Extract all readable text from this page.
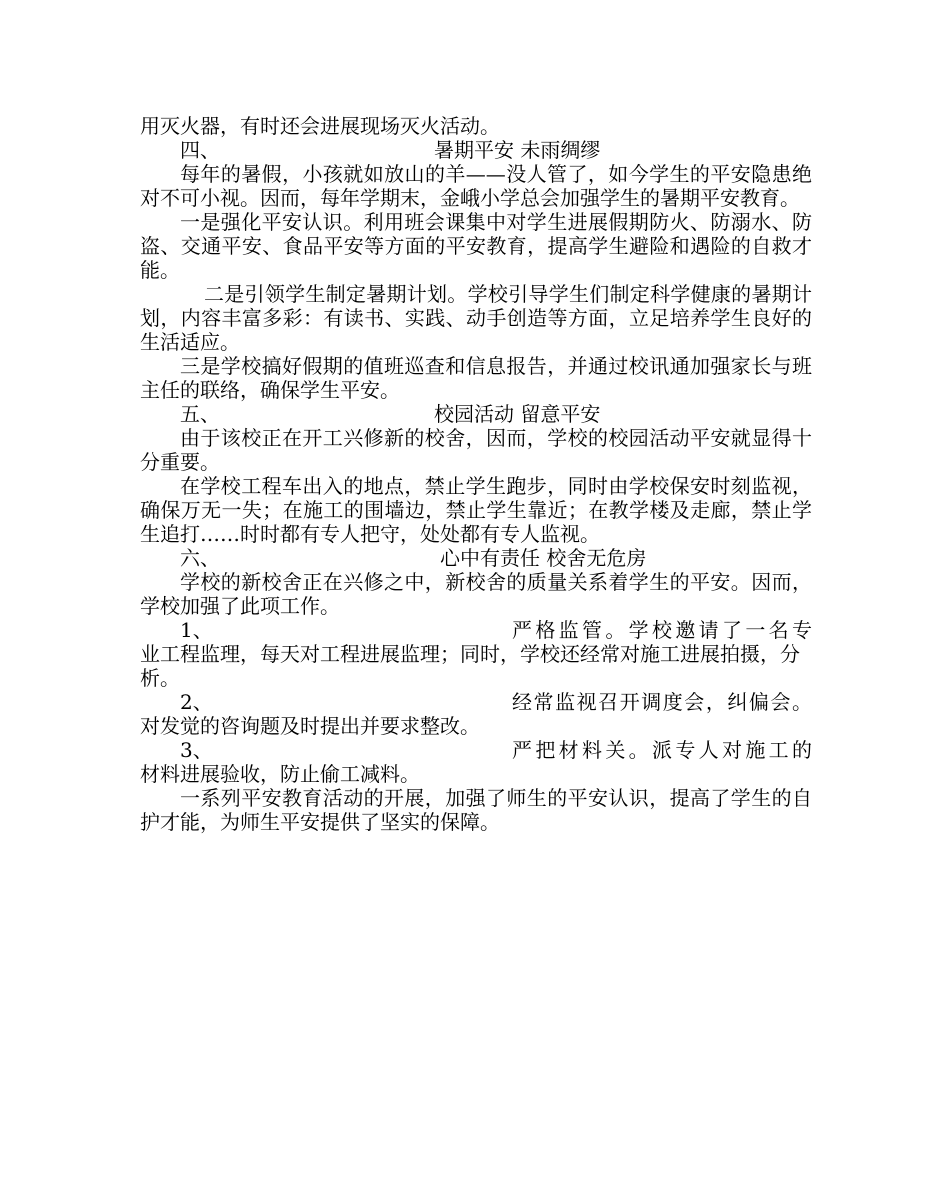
用灭火器，有时还会进展现场灭火活动。

四、	暑期平安 未雨绸缪

每年的暑假，小孩就如放山的羊——没人管了，如今学生的平安隐患绝对不可小视。因而，每年学期末，金峨小学总会加强学生的暑期平安教育。

一是强化平安认识。利用班会课集中对学生进展假期防火、防溺水、防盗、交通平安、食品平安等方面的平安教育，提高学生避险和遇险的自救才能。

二是引领学生制定暑期计划。学校引导学生们制定科学健康的暑期计划，内容丰富多彩：有读书、实践、动手创造等方面，立足培养学生良好的生活适应。

三是学校搞好假期的值班巡查和信息报告，并通过校讯通加强家长与班主任的联络，确保学生平安。

五、	校园活动 留意平安

由于该校正在开工兴修新的校舍，因而，学校的校园活动平安就显得十分重要。

在学校工程车出入的地点，禁止学生跑步，同时由学校保安时刻监视，确保万无一失；在施工的围墙边，禁止学生靠近；在教学楼及走廊，禁止学生追打……时时都有专人把守，处处都有专人监视。

六、	心中有责任 校舍无危房

学校的新校舍正在兴修之中，新校舍的质量关系着学生的平安。因而，学校加强了此项工作。

1、	严格监管。学校邀请了一名专

业工程监理，每天对工程进展监理；同时，学校还经常对施工进展拍摄，分析。

2、	经常监视召开调度会，纠偏会。

对发觉的咨询题及时提出并要求整改。

3、	严把材料关。派专人对施工的

材料进展验收，防止偷工减料。

一系列平安教育活动的开展，加强了师生的平安认识，提高了学生的自护才能，为师生平安提供了坚实的保障。
